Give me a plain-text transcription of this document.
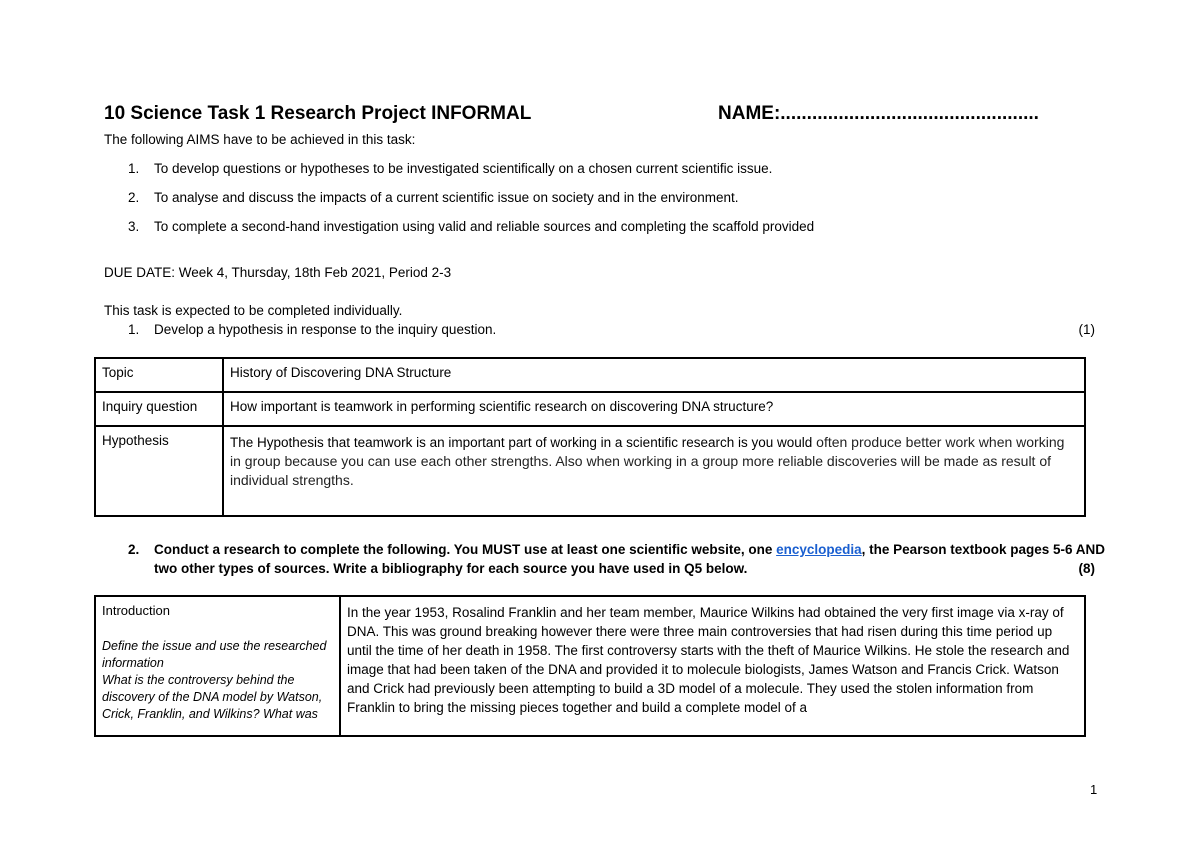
10 Science Task 1 Research Project INFORMAL	NAME:.................................................
The following AIMS have to be achieved in this task:
1. To develop questions or hypotheses to be investigated scientifically on a chosen current scientific issue.
2. To analyse and discuss the impacts of a current scientific issue on society and in the environment.
3. To complete a second-hand investigation using valid and reliable sources and completing the scaffold provided
DUE DATE: Week 4, Thursday, 18th Feb 2021, Period 2-3
This task is expected to be completed individually.
1. Develop a hypothesis in response to the inquiry question.	(1)
Topic	History of Discovering DNA Structure
Inquiry question	How important is teamwork in performing scientific research on discovering DNA structure?
Hypothesis	The Hypothesis that teamwork is an important part of working in a scientific research is you would often produce better work when working in group because you can use each other strengths. Also when working in a group more reliable discoveries will be made as result of individual strengths.
2. Conduct a research to complete the following. You MUST use at least one scientific website, one encyclopedia, the Pearson textbook pages 5-6 AND
two other types of sources. Write a bibliography for each source you have used in Q5 below.	(8)
Introduction
Define the issue and use the researched information
What is the controversy behind the discovery of the DNA model by Watson, Crick, Franklin, and Wilkins? What was
	In the year 1953, Rosalind Franklin and her team member, Maurice Wilkins had obtained the very first image via x-ray of DNA. This was ground breaking however there were three main controversies that had risen during this time period up until the time of her death in 1958. The first controversy starts with the theft of Maurice Wilkins. He stole the research and image that had been taken of the DNA and provided it to molecule biologists, James Watson and Francis Crick. Watson and Crick had previously been attempting to build a 3D model of a molecule. They used the stolen information from Franklin to bring the missing pieces together and build a complete model of a
1
